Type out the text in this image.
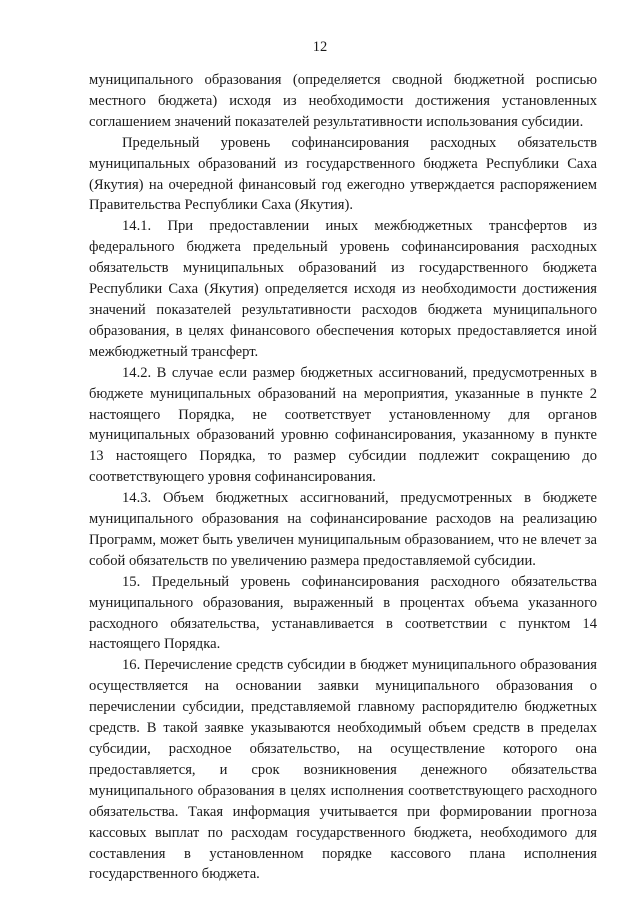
12

муниципального образования (определяется сводной бюджетной росписью местного бюджета) исходя из необходимости достижения установленных соглашением значений показателей результативности использования субсидии.

Предельный уровень софинансирования расходных обязательств муниципальных образований из государственного бюджета Республики Саха (Якутия) на очередной финансовый год ежегодно утверждается распоряжением Правительства Республики Саха (Якутия).

14.1. При предоставлении иных межбюджетных трансфертов из федерального бюджета предельный уровень софинансирования расходных обязательств муниципальных образований из государственного бюджета Республики Саха (Якутия) определяется исходя из необходимости достижения значений показателей результативности расходов бюджета муниципального образования, в целях финансового обеспечения которых предоставляется иной межбюджетный трансферт.

14.2. В случае если размер бюджетных ассигнований, предусмотренных в бюджете муниципальных образований на мероприятия, указанные в пункте 2 настоящего Порядка, не соответствует установленному для органов муниципальных образований уровню софинансирования, указанному в пункте 13 настоящего Порядка, то размер субсидии подлежит сокращению до соответствующего уровня софинансирования.

14.3. Объем бюджетных ассигнований, предусмотренных в бюджете муниципального образования на софинансирование расходов на реализацию Программ, может быть увеличен муниципальным образованием, что не влечет за собой обязательств по увеличению размера предоставляемой субсидии.

15. Предельный уровень софинансирования расходного обязательства муниципального образования, выраженный в процентах объема указанного расходного обязательства, устанавливается в соответствии с пунктом 14 настоящего Порядка.

16. Перечисление средств субсидии в бюджет муниципального образования осуществляется на основании заявки муниципального образования о перечислении субсидии, представляемой главному распорядителю бюджетных средств. В такой заявке указываются необходимый объем средств в пределах субсидии, расходное обязательство, на осуществление которого она предоставляется, и срок возникновения денежного обязательства муниципального образования в целях исполнения соответствующего расходного обязательства. Такая информация учитывается при формировании прогноза кассовых выплат по расходам государственного бюджета, необходимого для составления в установленном порядке кассового плана исполнения государственного бюджета.
